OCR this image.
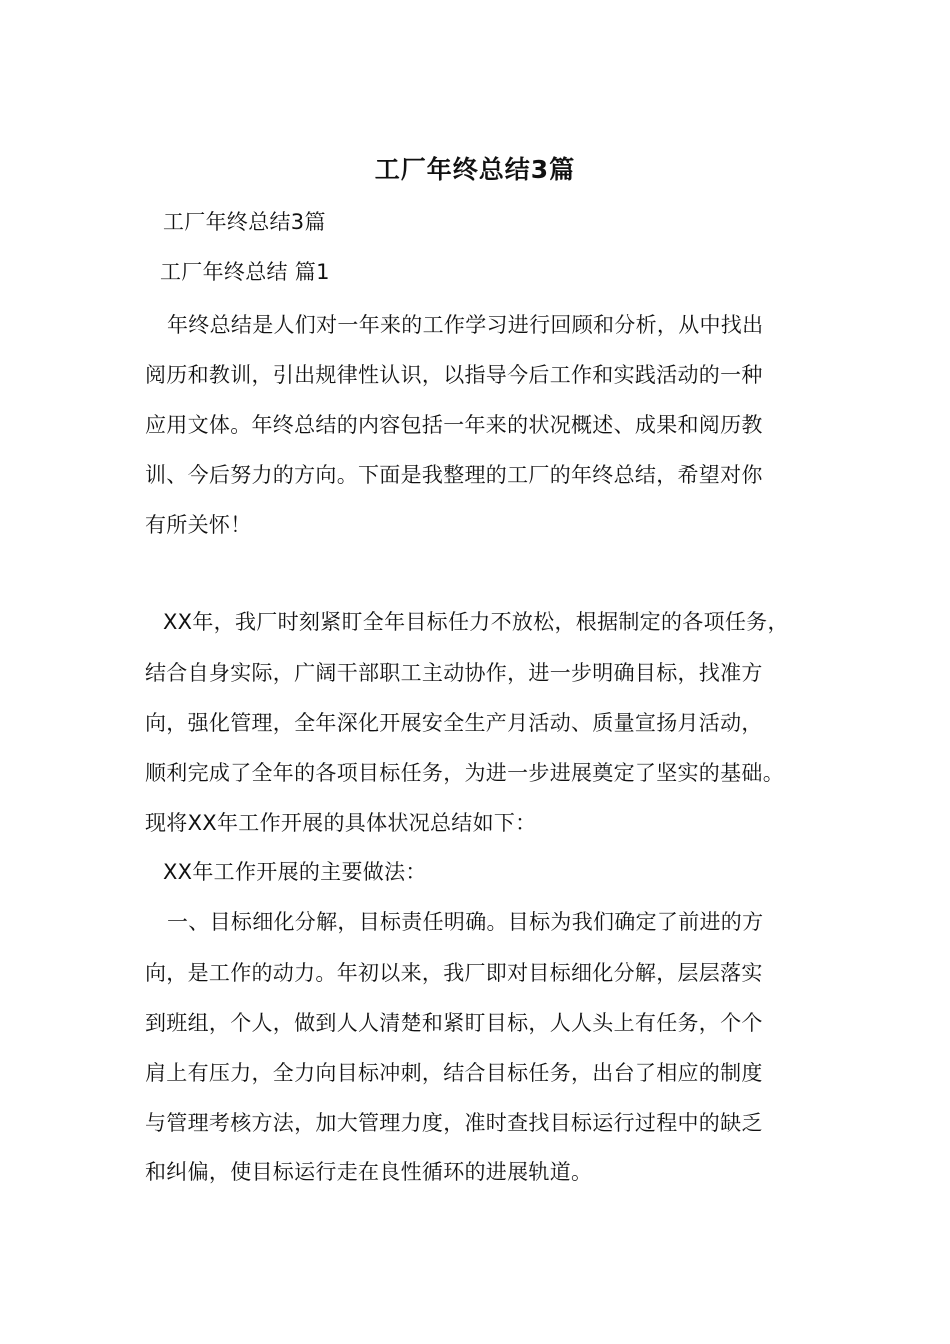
工厂年终总结3篇
工厂年终总结3篇
工厂年终总结 篇1
年终总结是人们对一年来的工作学习进行回顾和分析，从中找出
阅历和教训，引出规律性认识，以指导今后工作和实践活动的一种
应用文体。年终总结的内容包括一年来的状况概述、成果和阅历教
训、今后努力的方向。下面是我整理的工厂的年终总结，希望对你
有所关怀！
XX年，我厂时刻紧盯全年目标任力不放松，根据制定的各项任务，
结合自身实际，广阔干部职工主动协作，进一步明确目标，找准方
向，强化管理，全年深化开展安全生产月活动、质量宣扬月活动，
顺利完成了全年的各项目标任务，为进一步进展奠定了坚实的基础。
现将XX年工作开展的具体状况总结如下：
XX年工作开展的主要做法：
一、目标细化分解，目标责任明确。目标为我们确定了前进的方
向，是工作的动力。年初以来，我厂即对目标细化分解，层层落实
到班组，个人，做到人人清楚和紧盯目标，人人头上有任务，个个
肩上有压力，全力向目标冲刺，结合目标任务，出台了相应的制度
与管理考核方法，加大管理力度，准时查找目标运行过程中的缺乏
和纠偏，使目标运行走在良性循环的进展轨道。
